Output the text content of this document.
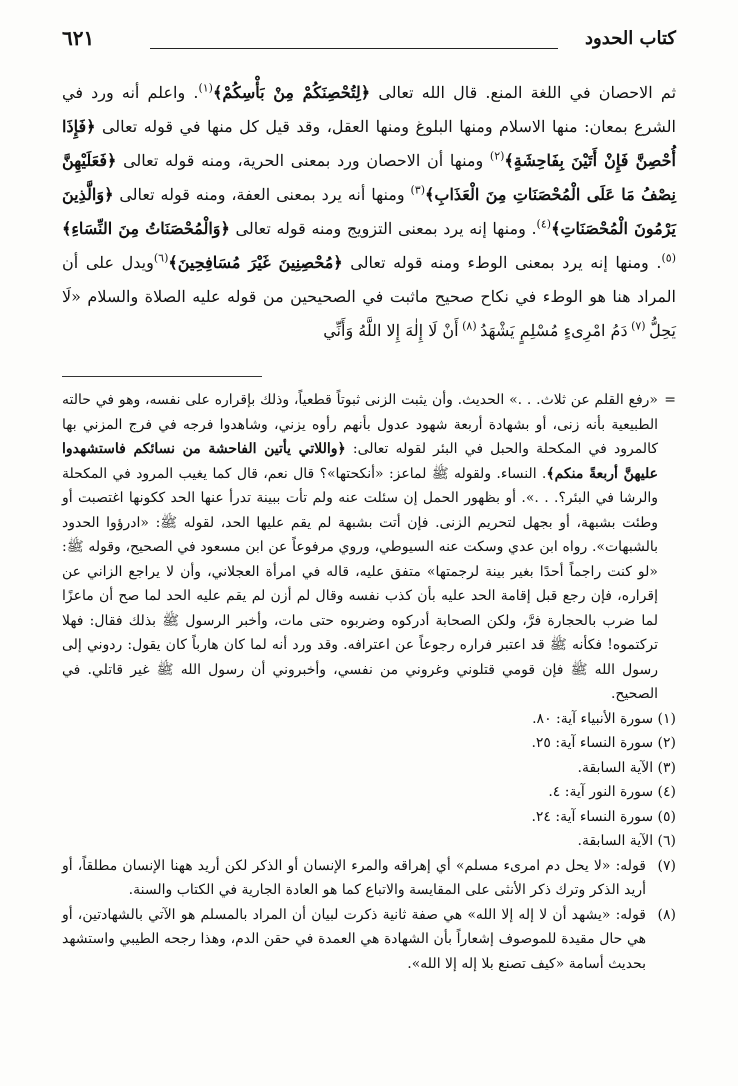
كتاب الحدود
٦٢١

ثم الاحصان في اللغة المنع. قال الله تعالى ﴿لِتُحْصِنَكُمْ مِنْ بَأْسِكُمْ﴾$^{(١)}$. واعلم أنه ورد في الشرع بمعان: منها الاسلام ومنها البلوغ ومنها العقل، وقد قيل كل منها في قوله تعالى ﴿فَإِذَا أُحْصِنَّ فَإِنْ أَتَيْنَ بِفَاحِشَةٍ﴾$^{(٢)}$ ومنها أن الاحصان ورد بمعنى الحرية، ومنه قوله تعالى ﴿فَعَلَيْهِنَّ نِصْفُ مَا عَلَى الْمُحْصَنَاتِ مِنَ الْعَذَابِ﴾$^{(٣)}$ ومنها أنه يرد بمعنى العفة، ومنه قوله تعالى ﴿وَالَّذِينَ يَرْمُونَ الْمُحْصَنَاتِ﴾$^{(٤)}$. ومنها إنه يرد بمعنى التزويج ومنه قوله تعالى ﴿وَالْمُحْصَنَاتُ مِنَ النِّسَاءِ﴾$^{(٥)}$. ومنها إنه يرد بمعنى الوطء ومنه قوله تعالى ﴿مُحْصِنِينَ غَيْرَ مُسَافِحِينَ﴾$^{(٦)}$ويدل على أن المراد هنا هو الوطء في نكاح صحيح ماثبت في الصحيحين من قوله عليه الصلاة والسلام «لَا يَحِلُّ $^{(٧)}$ دَمُ امْرِىءٍ مُسْلِمٍ يَشْهَدُ $^{(٨)}$ أَنْ لَا إِلٰهَ إِلا اللَّهُ وَأَنِّي

=«رفع القلم عن ثلاث. . .» الحديث. وأن يثبت الزنى ثبوتاً قطعياً، وذلك بإقراره على نفسه، وهو في حالته الطبيعية بأنه زنى، أو بشهادة أربعة شهود عدول بأنهم رأوه يزني، وشاهدوا فرجه في فرج المزني بها كالمرود في المكحلة والحبل في البئر لقوله تعالى: ﴿واللاتي يأتين الفاحشة من نسائكم فاستشهدوا عليهنَّ أربعةً منكم﴾. النساء. ولقوله ﷺ لماعز: «أنكحتها»؟ قال نعم، قال كما يغيب المرود في المكحلة والرشا في البئر؟. . .». أو بظهور الحمل إن سئلت عنه ولم تأت ببينة تدرأ عنها الحد ككونها اغتصبت أو وطئت بشبهة، أو بجهل لتحريم الزنى. فإن أتت بشبهة لم يقم عليها الحد، لقوله ﷺ: «ادرؤوا الحدود بالشبهات». رواه ابن عدي وسكت عنه السيوطي، وروي مرفوعاً عن ابن مسعود في الصحيح، وقوله ﷺ: «لو كنت راجماً أحدًا بغير بينة لرجمتها» متفق عليه، قاله في امرأة العجلاني، وأن لا يراجع الزاني عن إقراره، فإن رجع قبل إقامة الحد عليه بأن كذب نفسه وقال لم أزن لم يقم عليه الحد لما صح أن ماعزًا لما ضرب بالحجارة فرَّ، ولكن الصحابة أدركوه وضربوه حتى مات، وأخبر الرسول ﷺ بذلك فقال: فهلا تركتموه! فكأنه ﷺ قد اعتبر فراره رجوعاً عن اعترافه. وقد ورد أنه لما كان هارباً كان يقول: ردوني إلى رسول الله ﷺ فإن قومي قتلوني وغروني من نفسي، وأخبروني أن رسول الله ﷺ غير قاتلي. في الصحيح.

(١) سورة الأنبياء آية: ٨٠.
(٢) سورة النساء آية: ٢٥.
(٣) الآية السابقة.
(٤) سورة النور آية: ٤.
(٥) سورة النساء آية: ٢٤.
(٦) الآية السابقة.

(٧)قوله: «لا يحل دم امرىء مسلم» أي إهراقه والمرء الإنسان أو الذكر لكن أريد ههنا الإنسان مطلقاً، أو أريد الذكر وترك ذكر الأنثى على المقايسة والاتباع كما هو العادة الجارية في الكتاب والسنة.

(٨)قوله: «يشهد أن لا إله إلا الله» هي صفة ثانية ذكرت لبيان أن المراد بالمسلم هو الآتي بالشهادتين، أو هي حال مقيدة للموصوف إشعاراً بأن الشهادة هي العمدة في حقن الدم، وهذا رجحه الطيبي واستشهد بحديث أسامة «كيف تصنع بلا إله إلا الله».
